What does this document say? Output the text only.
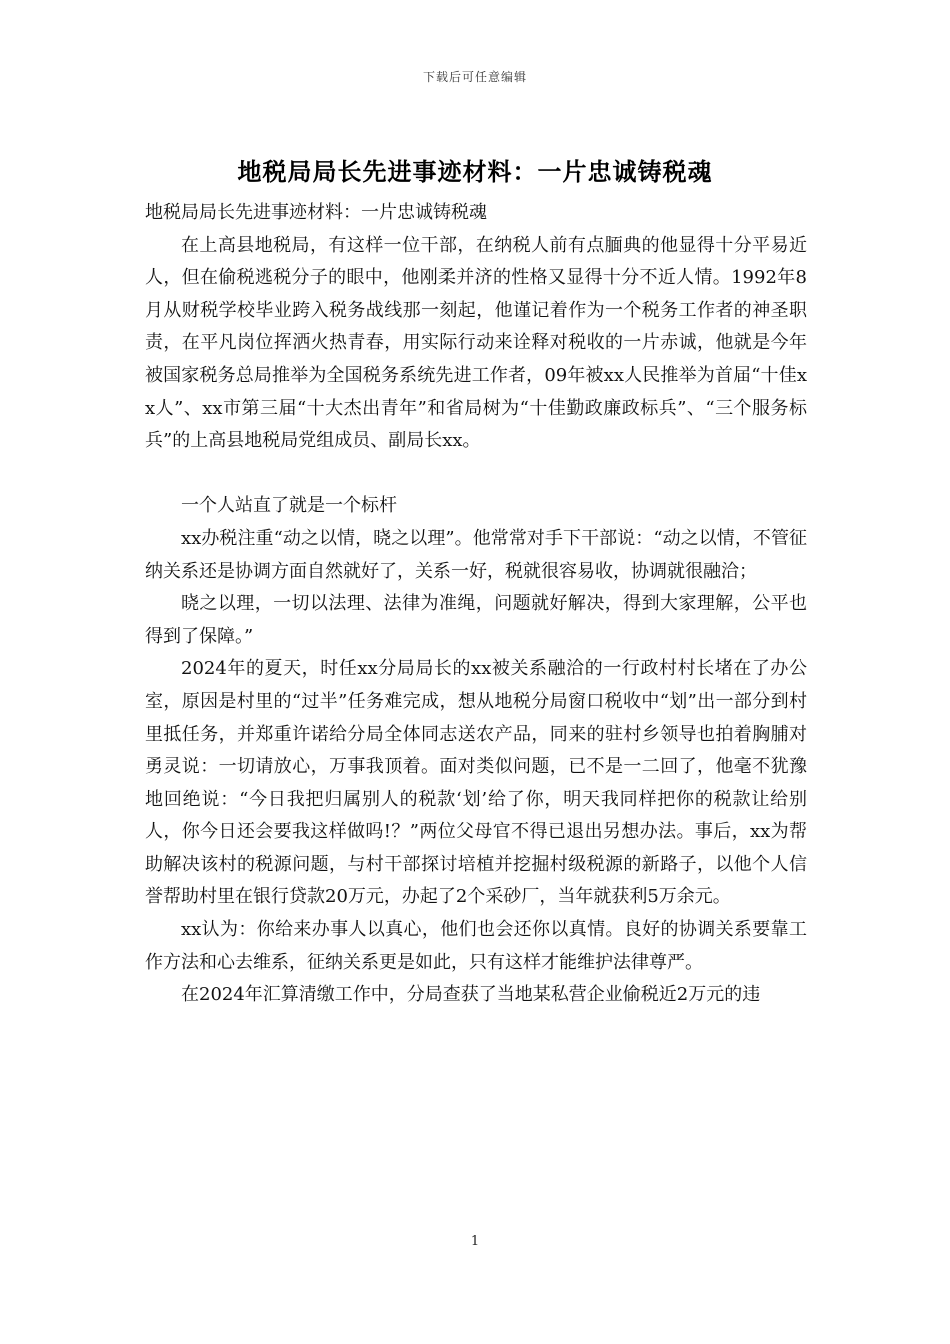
下载后可任意编辑
地税局局长先进事迹材料：一片忠诚铸税魂

地税局局长先进事迹材料：一片忠诚铸税魂

在上高县地税局，有这样一位干部，在纳税人前有点腼典的他显得十分平易近人，但在偷税逃税分子的眼中，他刚柔并济的性格又显得十分不近人情。1992年8月从财税学校毕业跨入税务战线那一刻起，他谨记着作为一个税务工作者的神圣职责，在平凡岗位挥洒火热青春，用实际行动来诠释对税收的一片赤诚，他就是今年被国家税务总局推举为全国税务系统先进工作者，09年被xx人民推举为首届“十佳xx人”、xx市第三届“十大杰出青年”和省局树为“十佳勤政廉政标兵”、“三个服务标兵”的上高县地税局党组成员、副局长xx。

一个人站直了就是一个标杆

xx办税注重“动之以情，晓之以理”。他常常对手下干部说：“动之以情，不管征纳关系还是协调方面自然就好了，关系一好，税就很容易收，协调就很融洽；

晓之以理，一切以法理、法律为准绳，问题就好解决，得到大家理解，公平也得到了保障。”

2024年的夏天，时任xx分局局长的xx被关系融洽的一行政村村长堵在了办公室，原因是村里的“过半”任务难完成，想从地税分局窗口税收中“划”出一部分到村里抵任务，并郑重许诺给分局全体同志送农产品，同来的驻村乡领导也拍着胸脯对勇灵说：一切请放心，万事我顶着。面对类似问题，已不是一二回了，他毫不犹豫地回绝说：“今日我把归属别人的税款‘划’给了你，明天我同样把你的税款让给别人，你今日还会要我这样做吗!？”两位父母官不得已退出另想办法。事后，xx为帮助解决该村的税源问题，与村干部探讨培植并挖掘村级税源的新路子，以他个人信誉帮助村里在银行贷款20万元，办起了2个采砂厂，当年就获利5万余元。

xx认为：你给来办事人以真心，他们也会还你以真情。良好的协调关系要靠工作方法和心去维系，征纳关系更是如此，只有这样才能维护法律尊严。

在2024年汇算清缴工作中，分局查获了当地某私营企业偷税近2万元的违

1
